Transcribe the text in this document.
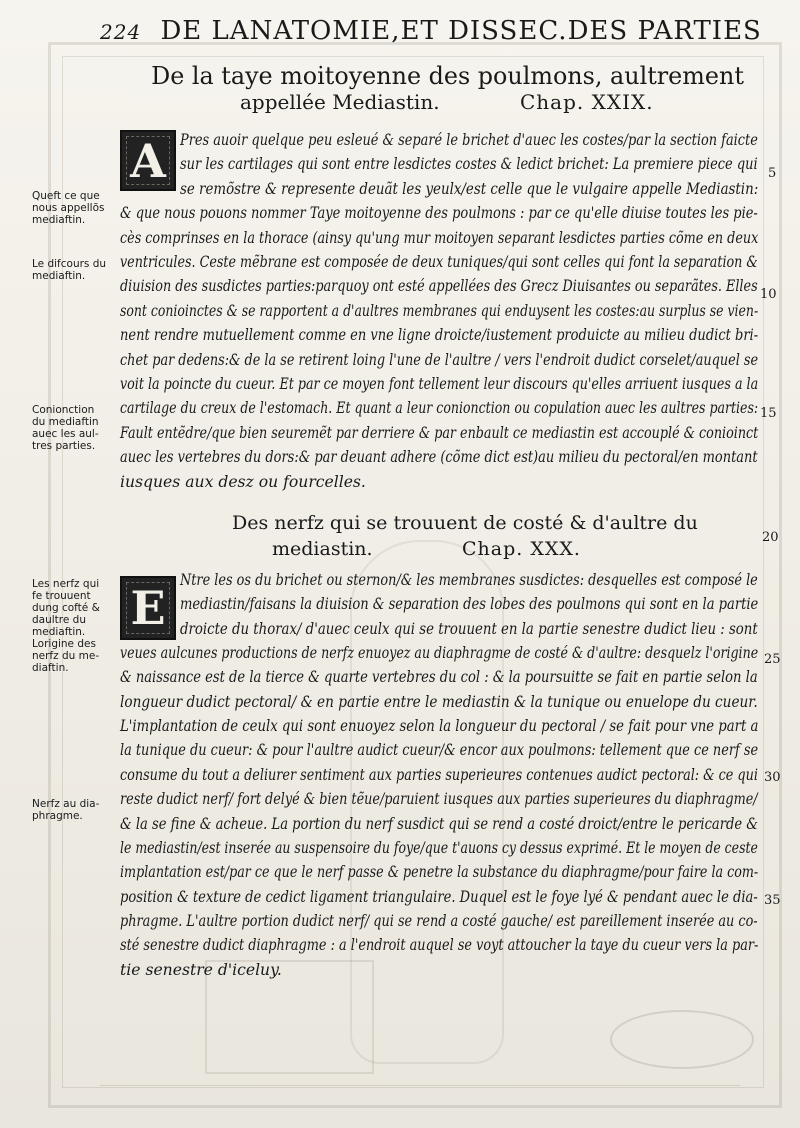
224 DE LANATOMIE,ET DISSEC.DES PARTIES
De la taye moitoyenne des poulmons, aultrement
appellée Mediastin.	Chap. XXIX.
A Pres auoir quelque peu esleué & separé le brichet d'auec les costes/par la section faicte
sur les cartilages qui sont entre lesdictes costes & ledict brichet: La premiere piece qui
se remõstre & represente deuãt les yeulx/est celle que le vulgaire appelle Mediastin:
& que nous pouons nommer Taye moitoyenne des poulmons : par ce qu'elle diuise toutes les pie-
cès comprinses en la thorace (ainsy qu'ung mur moitoyen separant lesdictes parties cõme en deux
ventricules. Ceste mẽbrane est composée de deux tuniques/qui sont celles qui font la separation &
diuision des susdictes parties:parquoy ont esté appellées des Grecz Diuisantes ou separãtes. Elles
sont conioinctes & se rapportent a d'aultres membranes qui enduysent les costes:au surplus se vien-
nent rendre mutuellement comme en vne ligne droicte/iustement produicte au milieu dudict bri-
chet par dedens:& de la se retirent loing l'une de l'aultre / vers l'endroit dudict corselet/auquel se
voit la poincte du cueur. Et par ce moyen font tellement leur discours qu'elles arriuent iusques a la
cartilage du creux de l'estomach. Et quant a leur conionction ou copulation auec les aultres parties:
Fault entẽdre/que bien seuremẽt par derriere & par enbault ce mediastin est accouplé & conioinct
auec les vertebres du dors:& par deuant adhere (cõme dict est)au milieu du pectoral/en montant
iusques aux desz ou fourcelles.
Des nerfz qui se trouuent de costé & d'aultre du
mediastin.	Chap. XXX.
E
Ntre les os du brichet ou sternon/& les membranes susdictes: desquelles est composé le
mediastin/faisans la diuision & separation des lobes des poulmons qui sont en la partie
droicte du thorax/ d'auec ceulx qui se trouuent en la partie senestre dudict lieu : sont
veues aulcunes productions de nerfz enuoyez au diaphragme de costé & d'aultre: desquelz l'origine
& naissance est de la tierce & quarte vertebres du col : & la poursuitte se fait en partie selon la
longueur dudict pectoral/ & en partie entre le mediastin & la tunique ou enuelope du cueur.
L'implantation de ceulx qui sont enuoyez selon la longueur du pectoral / se fait pour vne part a
la tunique du cueur: & pour l'aultre audict cueur/& encor aux poulmons: tellement que ce nerf se
consume du tout a deliurer sentiment aux parties superieures contenues audict pectoral: & ce qui
reste dudict nerf/ fort delyé & bien tẽue/paruient iusques aux parties superieures du diaphragme/
& la se fine & acheue. La portion du nerf susdict qui se rend a costé droict/entre le pericarde &
le mediastin/est inserée au suspensoire du foye/que t'auons cy dessus exprimé. Et le moyen de ceste
implantation est/par ce que le nerf passe & penetre la substance du diaphragme/pour faire la com-
position & texture de cedict ligament triangulaire. Duquel est le foye lyé & pendant auec le dia-
phragme. L'aultre portion dudict nerf/ qui se rend a costé gauche/ est pareillement inserée au co-
sté senestre dudict diaphragme : a l'endroit auquel se voyt attoucher la taye du cueur vers la par-
tie senestre d'iceluy.
Queft ce que
nous appellõs
mediaftin.
Le difcours du
mediaftin.
Conionction
du mediaftin
auec les aul-
tres parties.
Les nerfz qui
fe trouuent
dung cofté &
daultre du
mediaftin.
Lorigine des
nerfz du me-
diaftin.
Nerfz au dia-
phragme.
5
10
15
20
25
30
35
